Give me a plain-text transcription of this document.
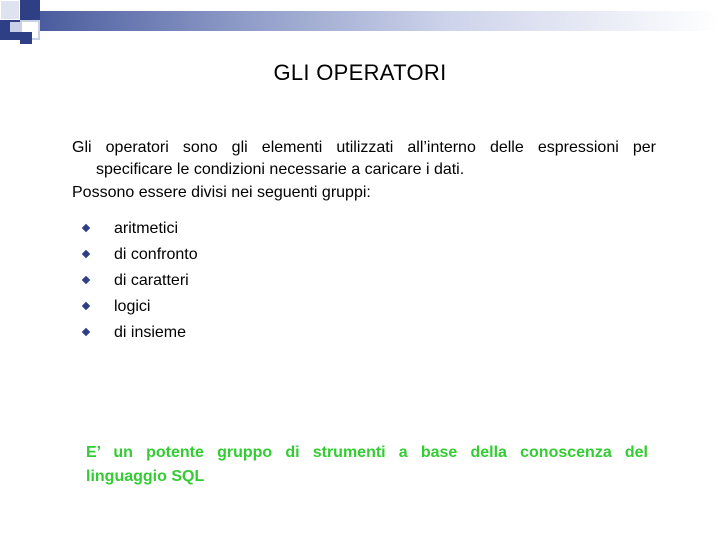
GLI OPERATORI

Gli operatori sono gli elementi utilizzati all’interno delle espressioni per
specificare le condizioni necessarie a caricare i dati.

Possono essere divisi nei seguenti gruppi:

aritmetici
di confronto
di caratteri
logici
di insieme

E’ un potente gruppo di strumenti a base della conoscenza del
linguaggio SQL
